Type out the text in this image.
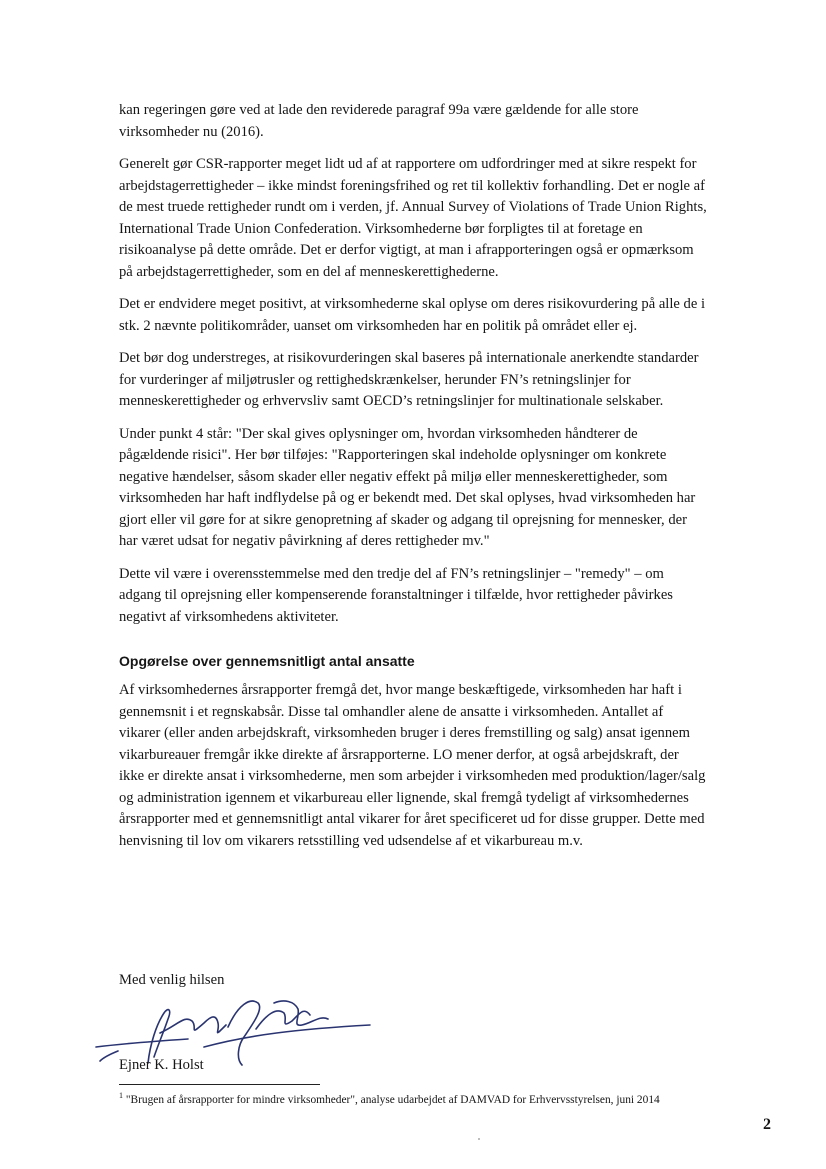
kan regeringen gøre ved at lade den reviderede paragraf 99a være gældende for alle store virksomheder nu (2016).

Generelt gør CSR-rapporter meget lidt ud af at rapportere om udfordringer med at sikre respekt for arbejdstagerrettigheder – ikke mindst foreningsfrihed og ret til kollektiv forhandling. Det er nogle af de mest truede rettigheder rundt om i verden, jf. Annual Survey of Violations of Trade Union Rights, International Trade Union Confederation. Virksomhederne bør forpligtes til at foretage en risikoanalyse på dette område. Det er derfor vigtigt, at man i afrapporteringen også er opmærksom på arbejdstagerrettigheder, som en del af menneskerettighederne.

Det er endvidere meget positivt, at virksomhederne skal oplyse om deres risikovurdering på alle de i stk. 2 nævnte politikområder, uanset om virksomheden har en politik på området eller ej.

Det bør dog understreges, at risikovurderingen skal baseres på internationale anerkendte standarder for vurderinger af miljøtrusler og rettighedskrænkelser, herunder FN’s retningslinjer for menneskerettigheder og erhvervsliv samt OECD’s retningslinjer for multinationale selskaber.

Under punkt 4 står: "Der skal gives oplysninger om, hvordan virksomheden håndterer de pågældende risici". Her bør tilføjes: "Rapporteringen skal indeholde oplysninger om konkrete negative hændelser, såsom skader eller negativ effekt på miljø eller menneskerettigheder, som virksomheden har haft indflydelse på og er bekendt med. Det skal oplyses, hvad virksomheden har gjort eller vil gøre for at sikre genopretning af skader og adgang til oprejsning for mennesker, der har været udsat for negativ påvirkning af deres rettigheder mv."

Dette vil være i overensstemmelse med den tredje del af FN’s retningslinjer – "remedy" – om adgang til oprejsning eller kompenserende foranstaltninger i tilfælde, hvor rettigheder påvirkes negativt af virksomhedens aktiviteter.

Opgørelse over gennemsnitligt antal ansatte

Af virksomhedernes årsrapporter fremgå det, hvor mange beskæftigede, virksomheden har haft i gennemsnit i et regnskabsår. Disse tal omhandler alene de ansatte i virksomheden. Antallet af vikarer (eller anden arbejdskraft, virksomheden bruger i deres fremstilling og salg) ansat igennem vikarbureauer fremgår ikke direkte af årsrapporterne. LO mener derfor, at også arbejdskraft, der ikke er direkte ansat i virksomhederne, men som arbejder i virksomheden med produktion/lager/salg og administration igennem et vikarbureau eller lignende, skal fremgå tydeligt af virksomhedernes årsrapporter med et gennemsnitligt antal vikarer for året specificeret ud for disse grupper. Dette med henvisning til lov om vikarers retsstilling ved udsendelse af et vikarbureau m.v.

Med venlig hilsen
Ejner K. Holst
$^1$ "Brugen af årsrapporter for mindre virksomheder", analyse udarbejdet af DAMVAD for Erhvervsstyrelsen, juni 2014
2
